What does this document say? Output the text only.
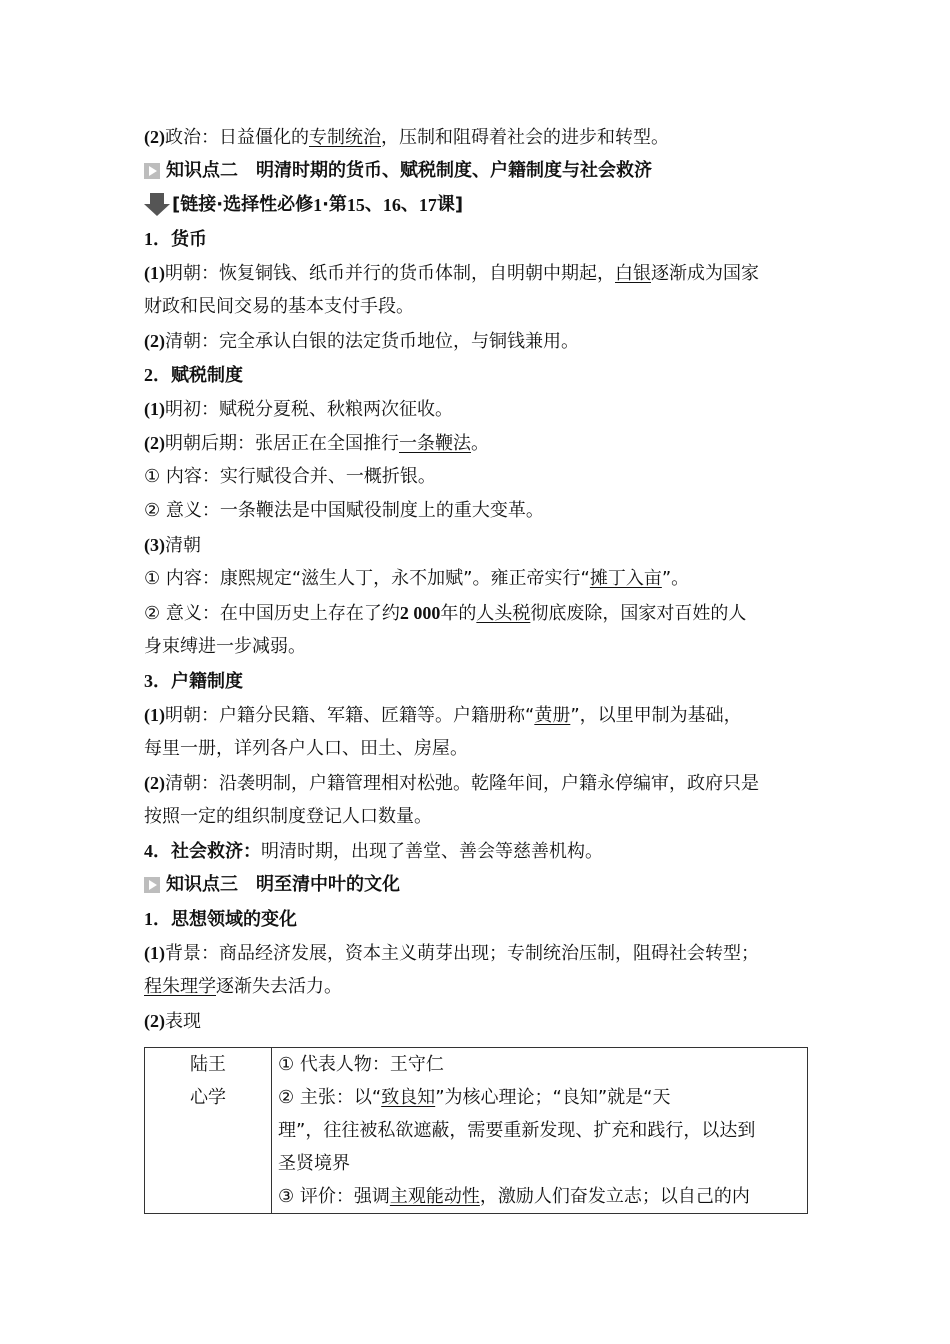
(2)政治：日益僵化的专制统治，压制和阻碍着社会的进步和转型。
知识点二　明清时期的货币、赋税制度、户籍制度与社会救济
[ 链接·选择性必修 1 ·第 15 、 16 、 17 课]
1．货币
(1)明朝：恢复铜钱、纸币并行的货币体制，自明朝中期起，白银逐渐成为国家
财政和民间交易的基本支付手段。
(2)清朝：完全承认白银的法定货币地位，与铜钱兼用。
2．赋税制度
(1)明初：赋税分夏税、秋粮两次征收。
(2)明朝后期：张居正在全国推行一条鞭法。
① 内容：实行赋役合并、一概折银。
② 意义：一条鞭法是中国赋役制度上的重大变革。
(3)清朝
① 内容：康熙规定“滋生人丁，永不加赋”。雍正帝实行“摊丁入亩”。
② 意义：在中国历史上存在了约2 000年的人头税彻底废除，国家对百姓的人
身束缚进一步减弱。
3．户籍制度
(1)明朝：户籍分民籍、军籍、匠籍等。户籍册称“黄册”，以里甲制为基础，
每里一册，详列各户人口、田土、房屋。
(2)清朝：沿袭明制，户籍管理相对松弛。乾隆年间，户籍永停编审，政府只是
按照一定的组织制度登记人口数量。
4．社会救济：明清时期，出现了善堂、善会等慈善机构。
知识点三　明至清中叶的文化
1．思想领域的变化
(1)背景：商品经济发展，资本主义萌芽出现；专制统治压制，阻碍社会转型；
程朱理学逐渐失去活力。
(2)表现
陆王
心学

① 代表人物：王守仁
② 主张：以“致良知”为核心理论；“良知”就是“天
理”，往往被私欲遮蔽，需要重新发现、扩充和践行，以达到
圣贤境界
③ 评价：强调主观能动性，激励人们奋发立志；以自己的内
